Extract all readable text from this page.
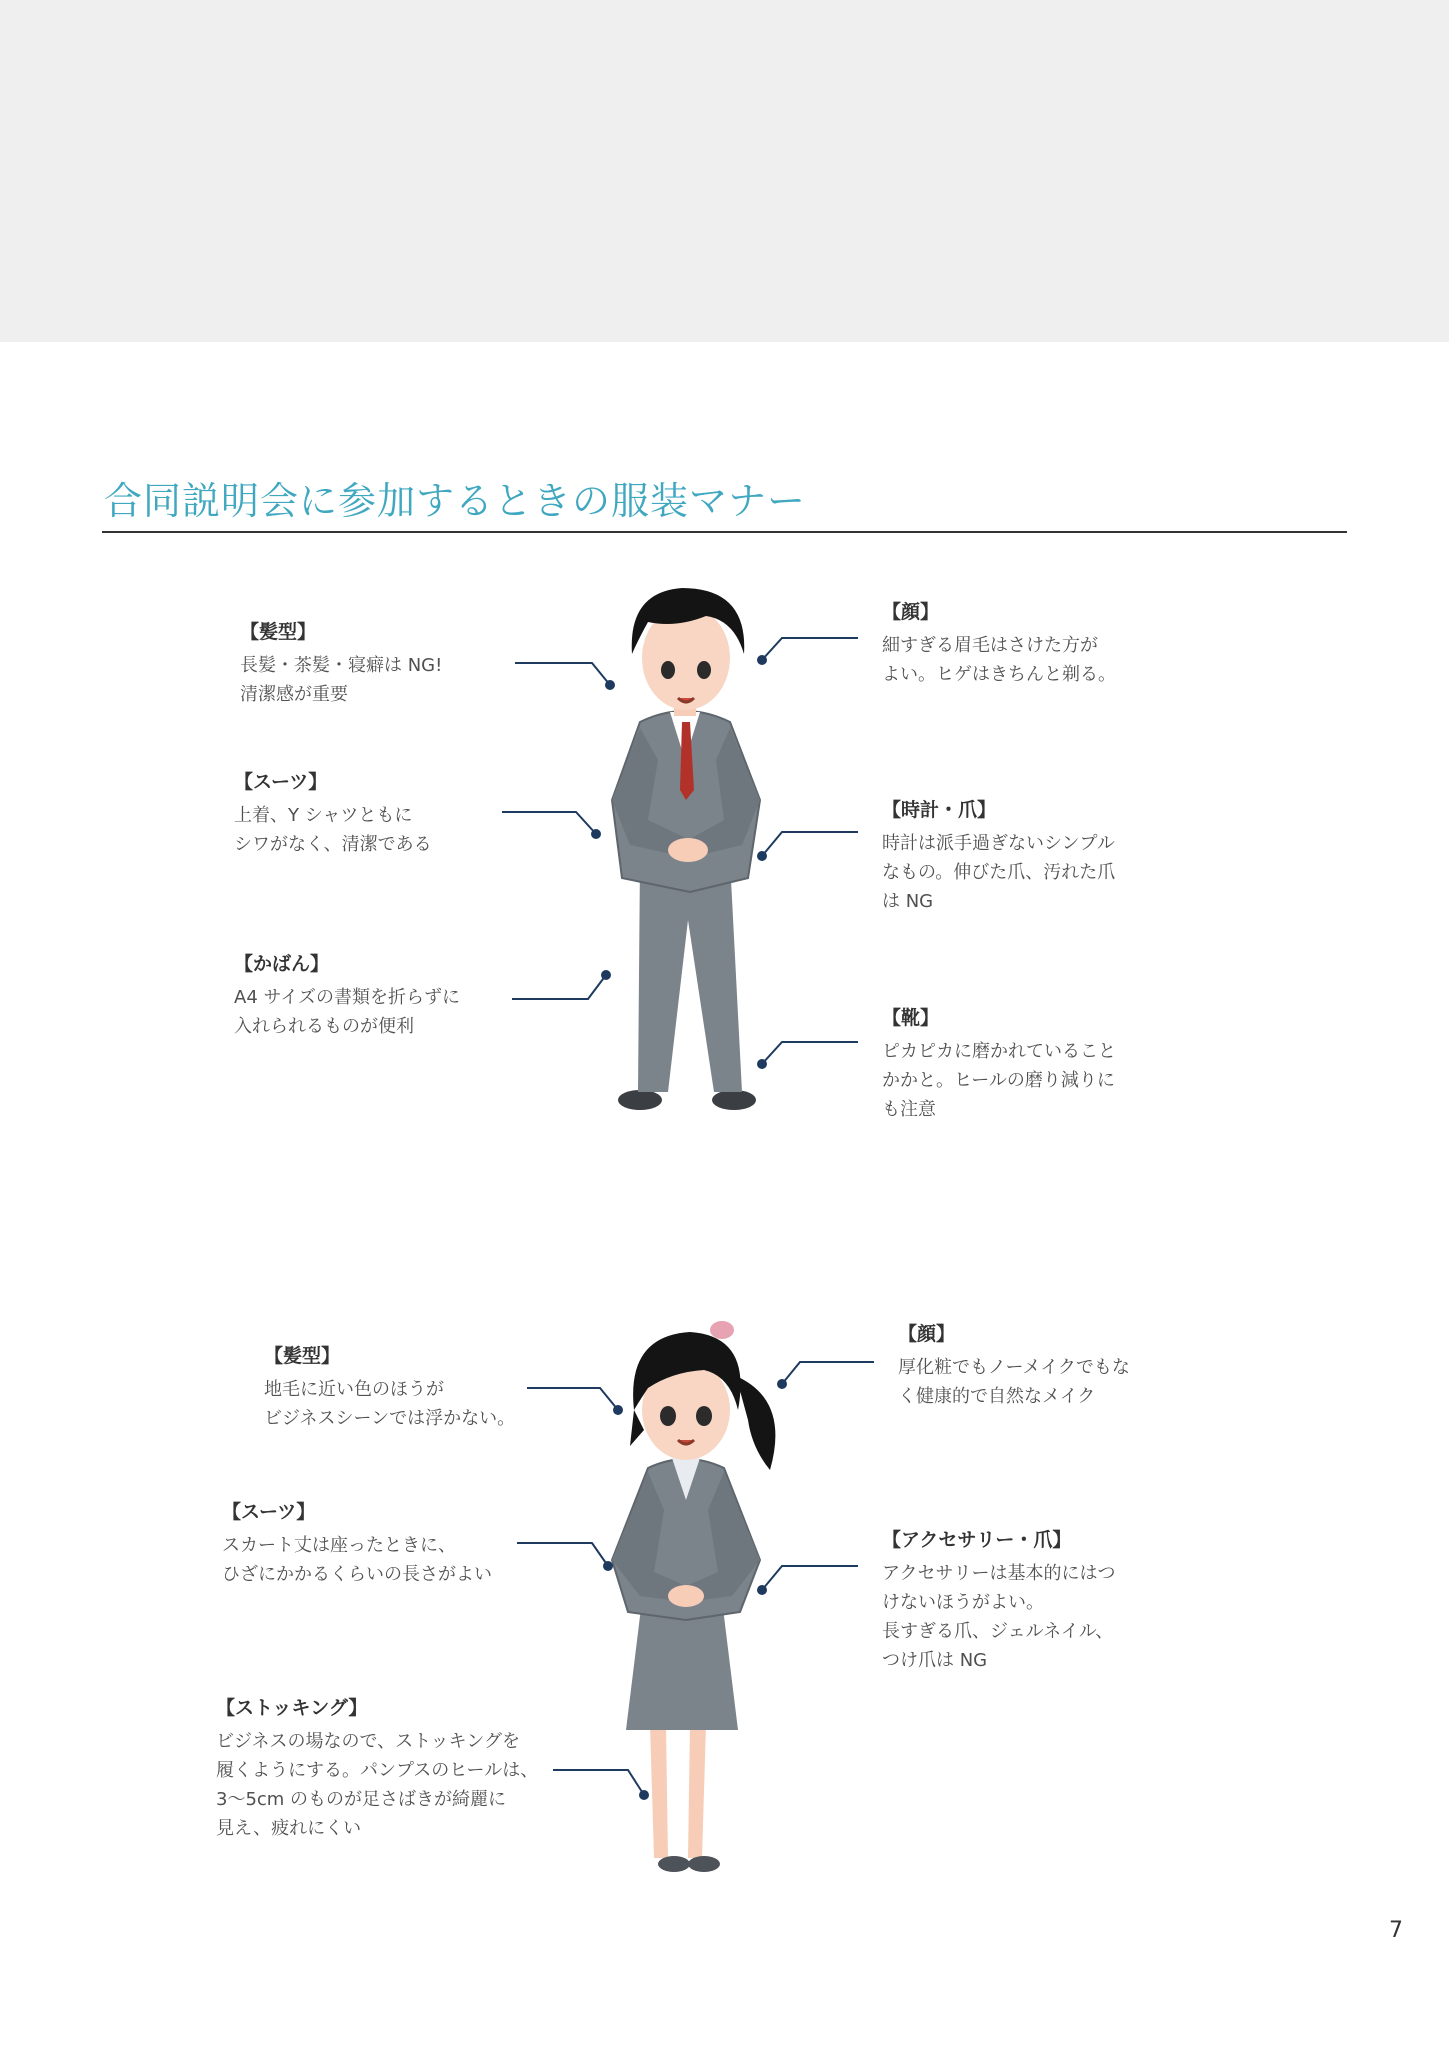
合同説明会に参加するときの服装マナー
【髪型】
長髪・茶髪・寝癖は NG!
清潔感が重要
【スーツ】
上着、Y シャツともに
シワがなく、清潔である
【かばん】
A4 サイズの書類を折らずに
入れられるものが便利
【顔】
細すぎる眉毛はさけた方が
よい。ヒゲはきちんと剃る。
【時計・爪】
時計は派手過ぎないシンプル
なもの。伸びた爪、汚れた爪
は NG
【靴】
ピカピカに磨かれていること
かかと。ヒールの磨り減りに
も注意
【髪型】
地毛に近い色のほうが
ビジネスシーンでは浮かない。
【スーツ】
スカート丈は座ったときに、
ひざにかかるくらいの長さがよい
【ストッキング】
ビジネスの場なので、ストッキングを
履くようにする。パンプスのヒールは、
3〜5cm のものが足さばきが綺麗に
見え、疲れにくい
【顔】
厚化粧でもノーメイクでもな
く健康的で自然なメイク
【アクセサリー・爪】
アクセサリーは基本的にはつ
けないほうがよい。
長すぎる爪、ジェルネイル、
つけ爪は NG
7
